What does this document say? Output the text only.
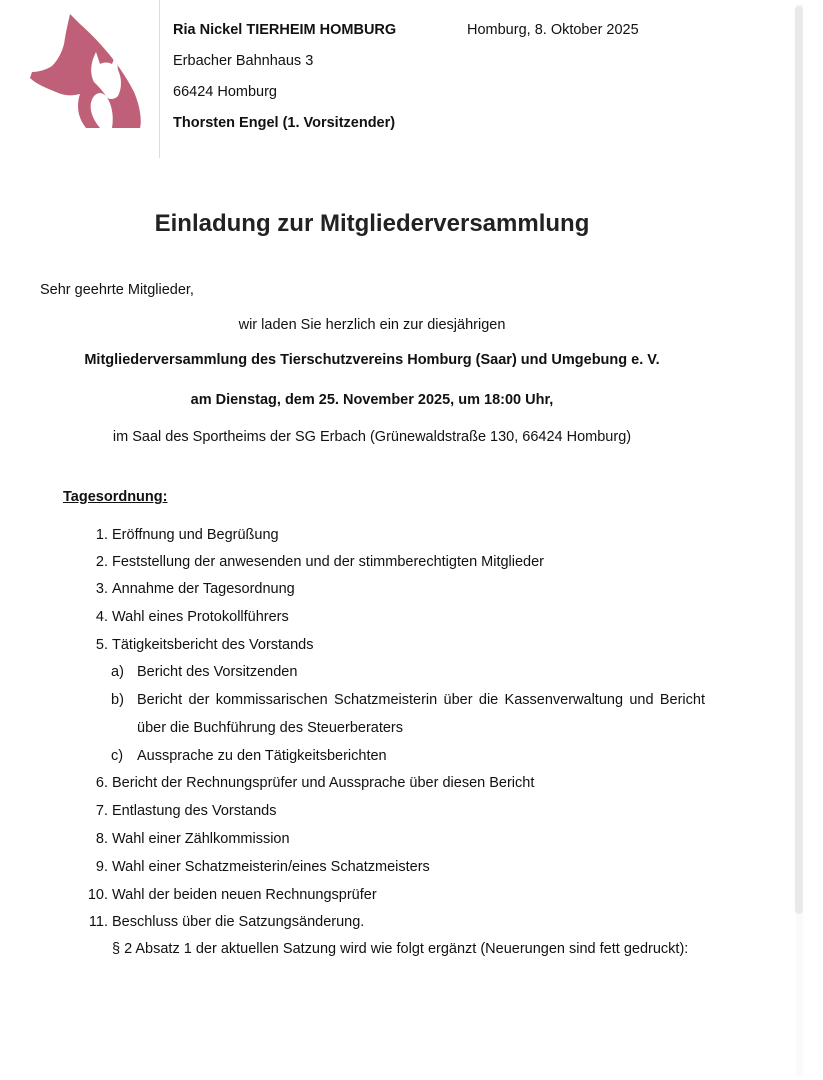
Ria Nickel TIERHEIM HOMBURG	Homburg, 8. Oktober 2025
Erbacher Bahnhaus 3
66424 Homburg
Thorsten Engel (1. Vorsitzender)
Einladung zur Mitgliederversammlung
Sehr geehrte Mitglieder,
wir laden Sie herzlich ein zur diesjährigen
Mitgliederversammlung des Tierschutzvereins Homburg (Saar) und Umgebung e. V.
am Dienstag, dem 25. November 2025, um 18:00 Uhr,
im Saal des Sportheims der SG Erbach (Grünewaldstraße 130, 66424 Homburg)
Tagesordnung:
1. Eröffnung und Begrüßung
2. Feststellung der anwesenden und der stimmberechtigten Mitglieder
3. Annahme der Tagesordnung
4. Wahl eines Protokollführers
5. Tätigkeitsbericht des Vorstands
a) Bericht des Vorsitzenden
b) Bericht der kommissarischen Schatzmeisterin über die Kassenverwaltung und Bericht über die Buchführung des Steuerberaters
c) Aussprache zu den Tätigkeitsberichten
6. Bericht der Rechnungsprüfer und Aussprache über diesen Bericht
7. Entlastung des Vorstands
8. Wahl einer Zählkommission
9. Wahl einer Schatzmeisterin/eines Schatzmeisters
10. Wahl der beiden neuen Rechnungsprüfer
11. Beschluss über die Satzungsänderung.
§ 2 Absatz 1 der aktuellen Satzung wird wie folgt ergänzt (Neuerungen sind fett gedruckt):
